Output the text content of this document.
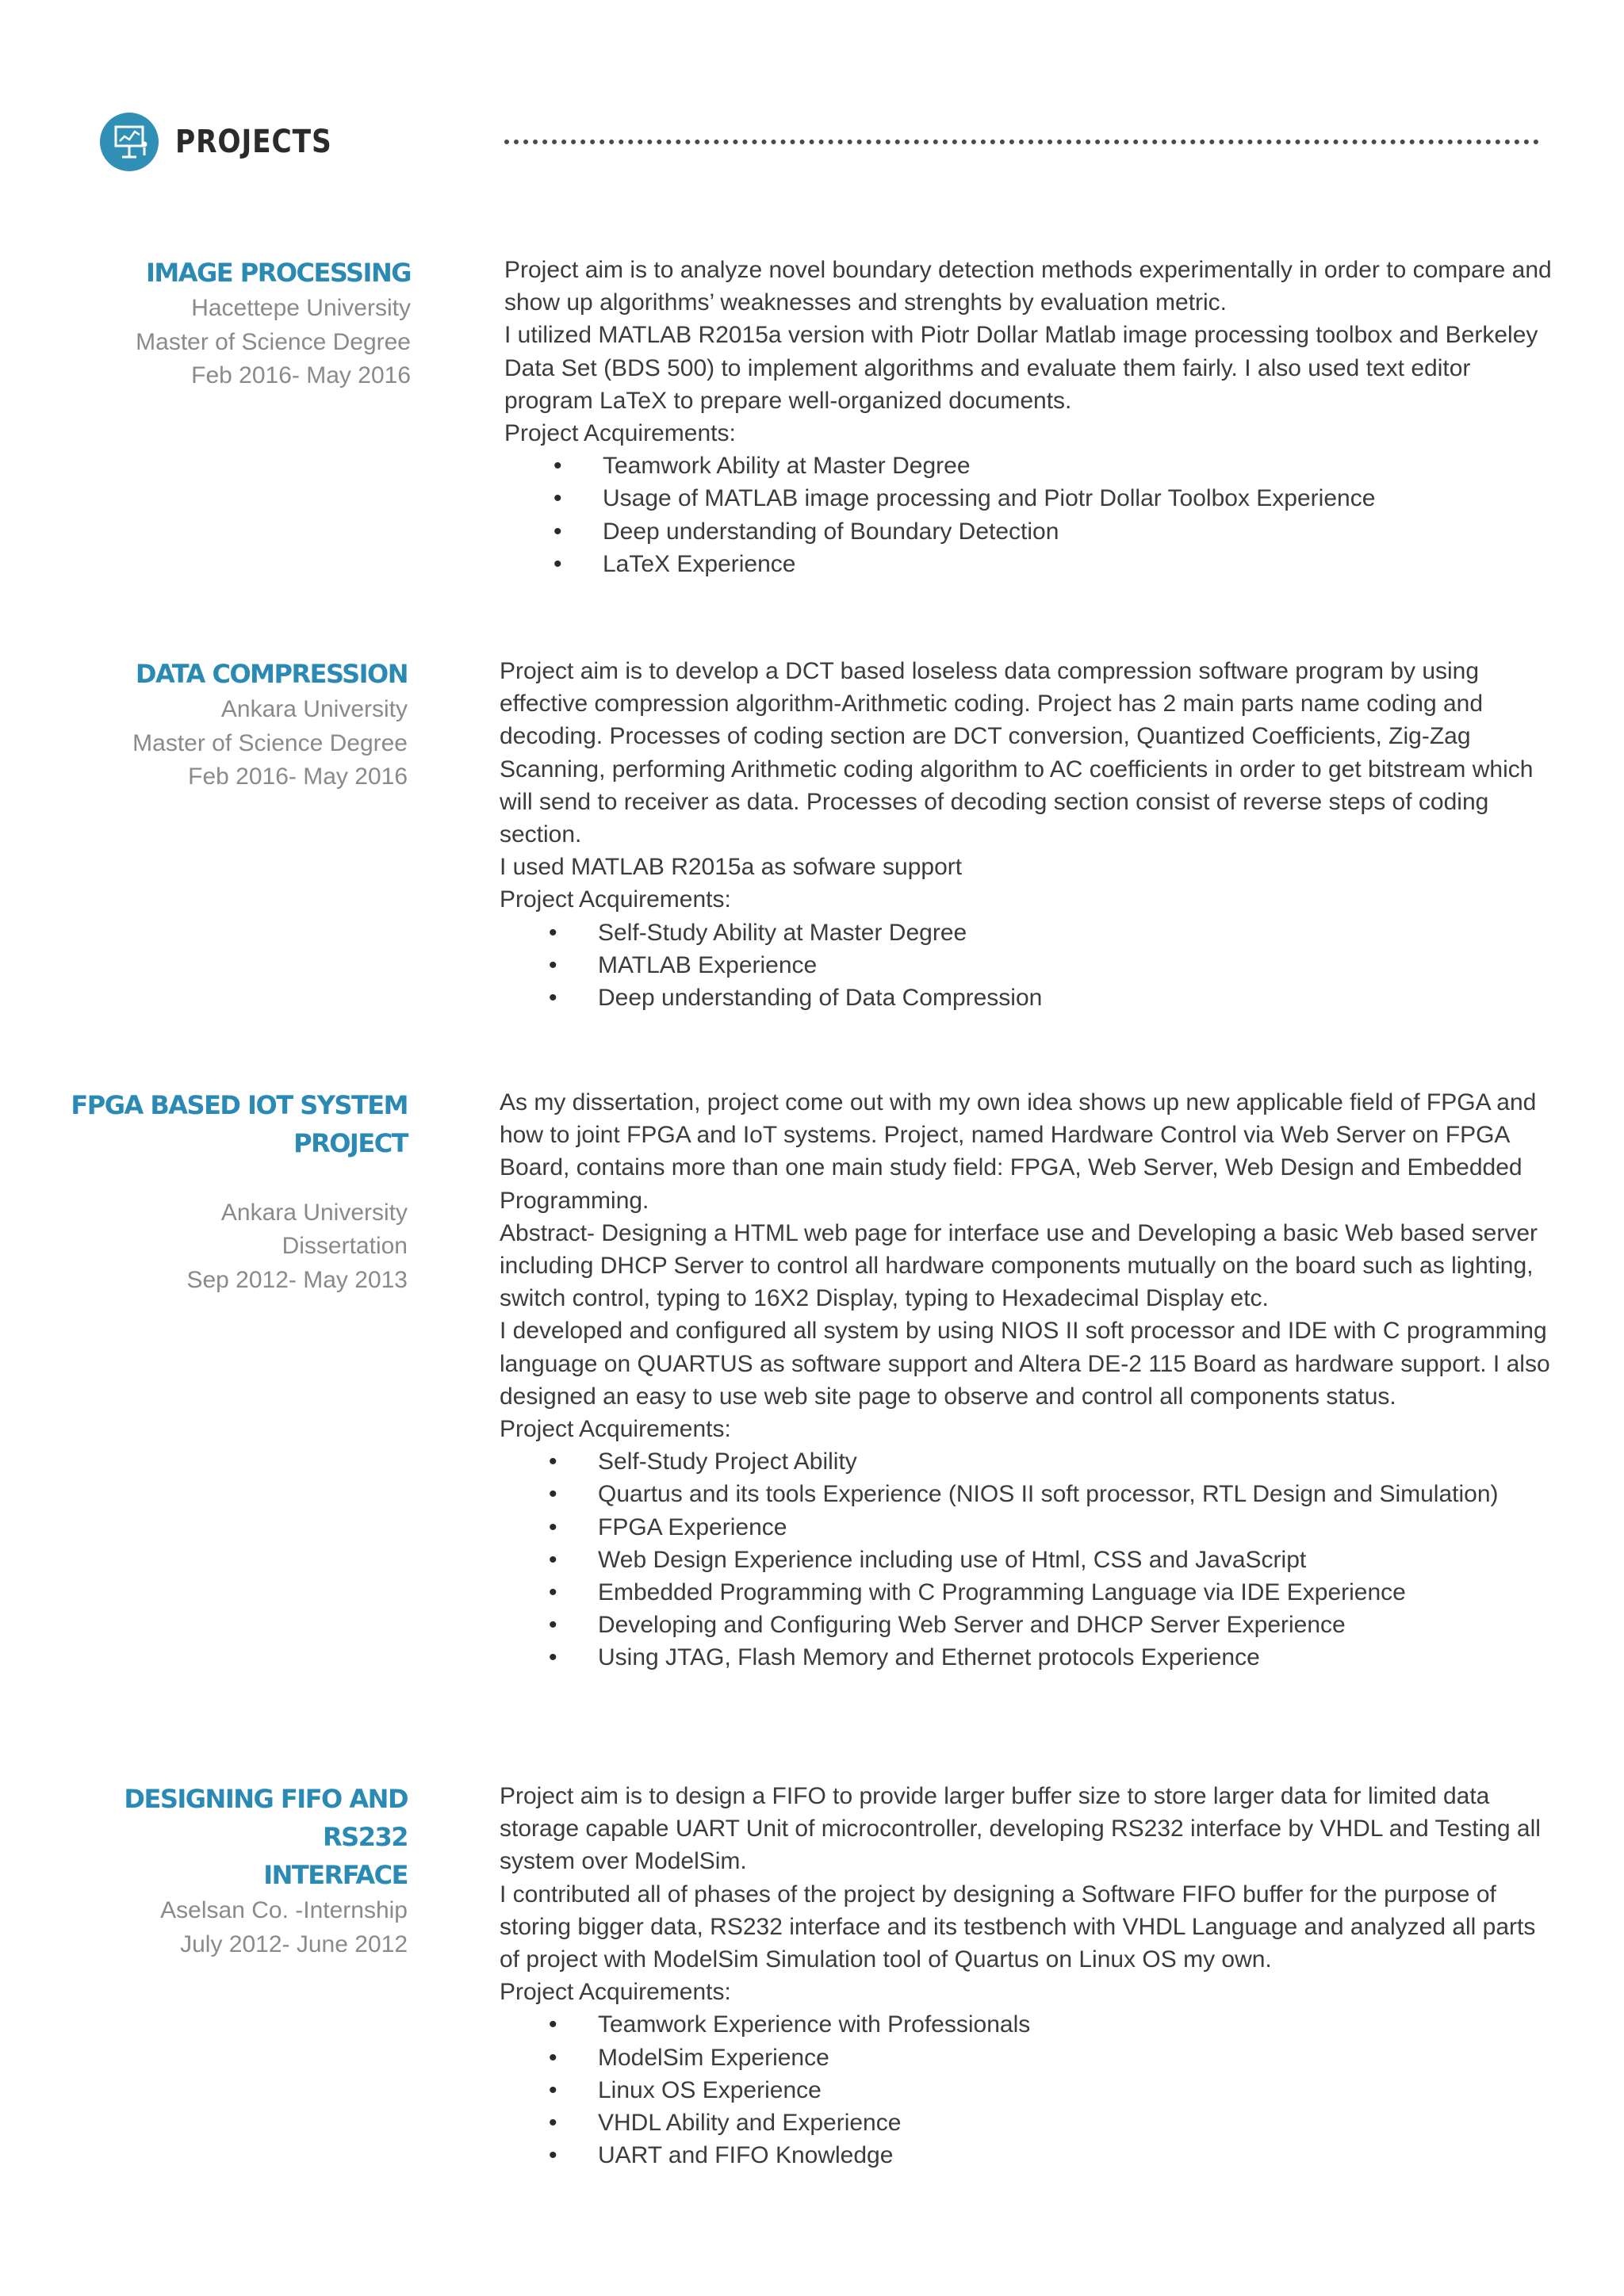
PROJECTS
IMAGE PROCESSING
Hacettepe University
Master of Science Degree
Feb 2016- May 2016

Project aim is to analyze novel boundary detection methods experimentally in order to compare and show up algorithms’ weaknesses and strenghts by evaluation metric.

I utilized MATLAB R2015a version with Piotr Dollar Matlab image processing toolbox and Berkeley Data Set (BDS 500) to implement algorithms and evaluate them fairly. I also used text editor program LaTeX to prepare well-organized documents.

Project Acquirements:

• Teamwork Ability at Master Degree
• Usage of MATLAB image processing and Piotr Dollar Toolbox Experience
• Deep understanding of Boundary Detection
• LaTeX Experience
DATA COMPRESSION
Ankara University
Master of Science Degree
Feb 2016- May 2016

Project aim is to develop a DCT based loseless data compression software program by using effective compression algorithm-Arithmetic coding. Project has 2 main parts name coding and decoding. Processes of coding section are DCT conversion, Quantized Coefficients, Zig-Zag Scanning, performing Arithmetic coding algorithm to AC coefficients in order to get bitstream which will send to receiver as data. Processes of decoding section consist of reverse steps of coding section.

I used MATLAB R2015a as sofware support

Project Acquirements:

• Self-Study Ability at Master Degree
• MATLAB Experience
• Deep understanding of Data Compression
FPGA BASED IOT SYSTEM PROJECT
Ankara University
Dissertation
Sep 2012- May 2013

As my dissertation, project come out with my own idea shows up new applicable field of FPGA and how to joint FPGA and IoT systems. Project, named Hardware Control via Web Server on FPGA Board, contains more than one main study field: FPGA, Web Server, Web Design and Embedded Programming.

Abstract- Designing a HTML web page for interface use and Developing a basic Web based server including DHCP Server to control all hardware components mutually on the board such as lighting, switch control, typing to 16X2 Display, typing to Hexadecimal Display etc.

I developed and configured all system by using NIOS II soft processor and IDE with C programming language on QUARTUS as software support and Altera DE-2 115 Board as hardware support. I also designed an easy to use web site page to observe and control all components status.

Project Acquirements:

• Self-Study Project Ability
• Quartus and its tools Experience (NIOS II soft processor, RTL Design and Simulation)
• FPGA Experience
• Web Design Experience including use of Html, CSS and JavaScript
• Embedded Programming with C Programming Language via IDE Experience
• Developing and Configuring Web Server and DHCP Server Experience
• Using JTAG, Flash Memory and Ethernet protocols Experience
DESIGNING FIFO AND RS232
INTERFACE
Aselsan Co. -Internship
July 2012- June 2012

Project aim is to design a FIFO to provide larger buffer size to store larger data for limited data storage capable UART Unit of microcontroller, developing RS232 interface by VHDL and Testing all system over ModelSim.

I contributed all of phases of the project by designing a Software FIFO buffer for the purpose of storing bigger data, RS232 interface and its testbench with VHDL Language and analyzed all parts of project with ModelSim Simulation tool of Quartus on Linux OS my own.

Project Acquirements:

• Teamwork Experience with Professionals
• ModelSim Experience
• Linux OS Experience
• VHDL Ability and Experience
• UART and FIFO Knowledge
